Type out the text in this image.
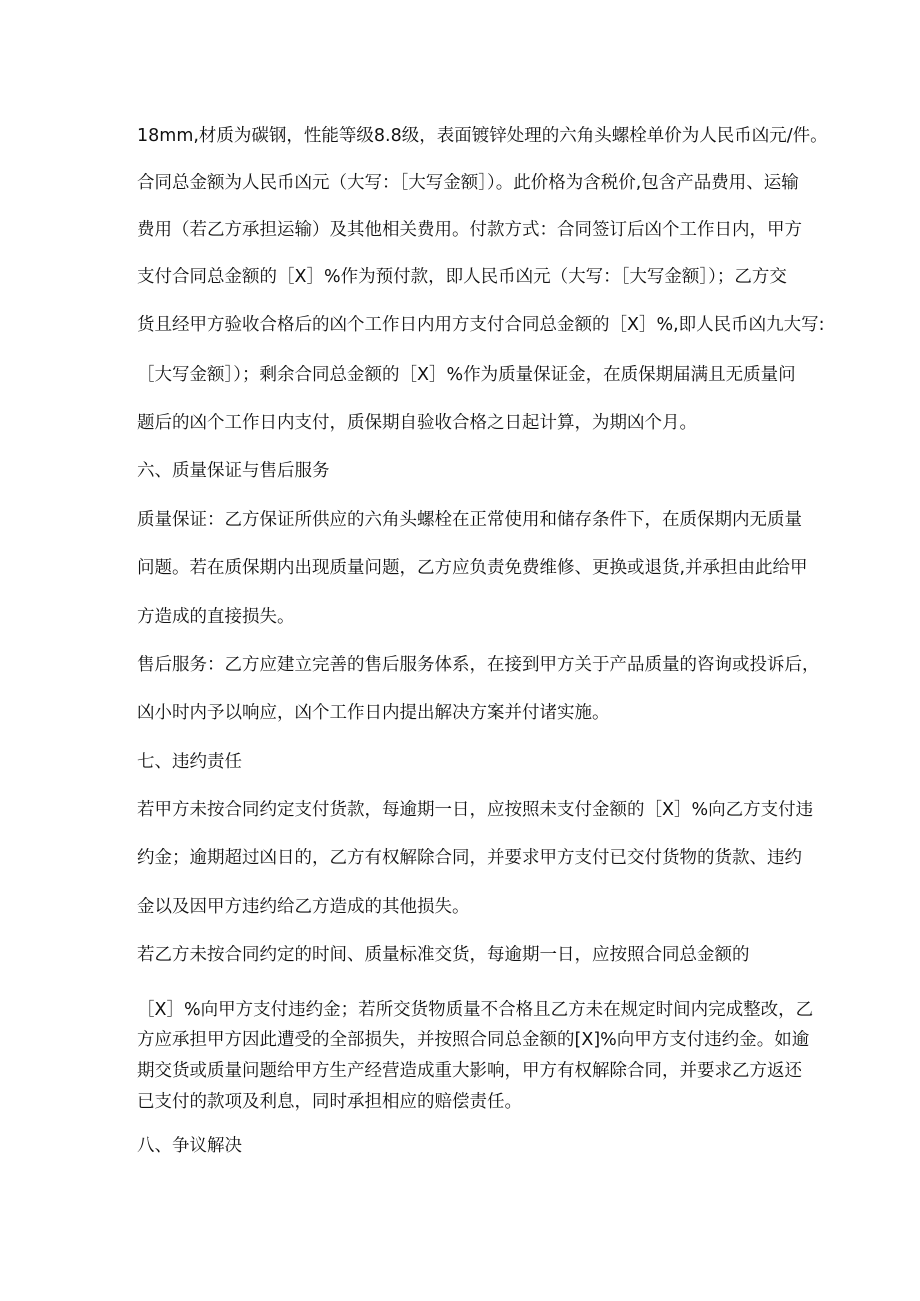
18mm,材质为碳钢，性能等级8.8级，表面镀锌处理的六角头螺栓单价为人民币凶元/件。
合同总金额为人民币凶元（大写：［大写金额］）。此价格为含税价,包含产品费用、运输
费用（若乙方承担运输）及其他相关费用。付款方式：合同签订后凶个工作日内，甲方
支付合同总金额的［X］%作为预付款，即人民币凶元（大写：［大写金额］）；乙方交
货且经甲方验收合格后的凶个工作日内用方支付合同总金额的［X］%,即人民币凶九大写:
［大写金额］）；剩余合同总金额的［X］%作为质量保证金，在质保期届满且无质量问
题后的凶个工作日内支付，质保期自验收合格之日起计算，为期凶个月。
六、质量保证与售后服务
质量保证：乙方保证所供应的六角头螺栓在正常使用和储存条件下，在质保期内无质量
问题。若在质保期内出现质量问题，乙方应负责免费维修、更换或退货,并承担由此给甲
方造成的直接损失。
售后服务：乙方应建立完善的售后服务体系，在接到甲方关于产品质量的咨询或投诉后，
凶小时内予以响应，凶个工作日内提出解决方案并付诸实施。
七、违约责任
若甲方未按合同约定支付货款，每逾期一日，应按照未支付金额的［X］%向乙方支付违
约金；逾期超过凶日的，乙方有权解除合同，并要求甲方支付已交付货物的货款、违约
金以及因甲方违约给乙方造成的其他损失。
若乙方未按合同约定的时间、质量标准交货，每逾期一日，应按照合同总金额的
［X］%向甲方支付违约金；若所交货物质量不合格且乙方未在规定时间内完成整改，乙
方应承担甲方因此遭受的全部损失，并按照合同总金额的[X]%向甲方支付违约金。如逾
期交货或质量问题给甲方生产经营造成重大影响，甲方有权解除合同，并要求乙方返还
已支付的款项及利息，同时承担相应的赔偿责任。
八、争议解决
